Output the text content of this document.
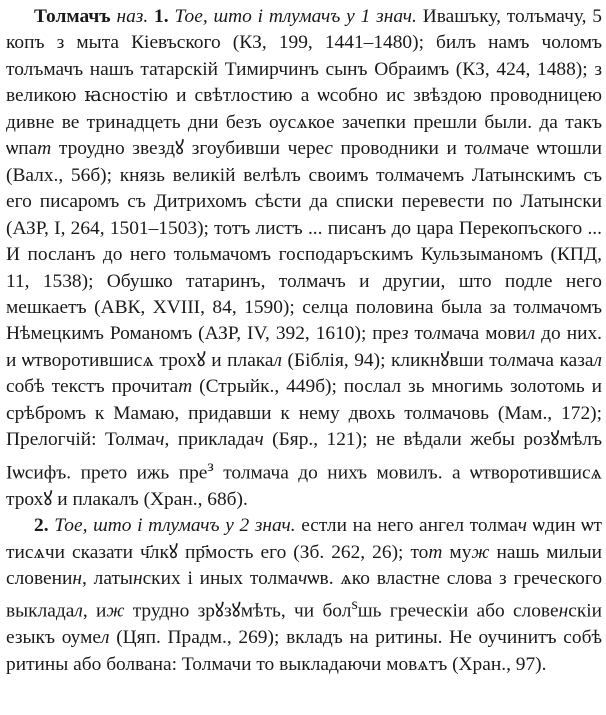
Толмачъ наз. 1. Тое, што і тлумачъ у 1 знач. Ивашъку, толъмачу, 5 копъ з мыта Кіевъского (КЗ, 199, 1441–1480); билъ намъ чоломъ толъмачъ нашъ татарскій Тимирчинъ сынъ Обраимъ (КЗ, 424, 1488); з великою ꙗсностію и свѣтлостию а ѡсобно ис звѣздою проводницею дивне ве тринадцеть дни безъ оусѧкое зачепки прешли были. да такъ ѡпат троудно звездꙋ згоубивши черес проводники и толмаче ѡтошли (Валх., 56б); князь великій велѣлъ своимъ толмачемъ Латынскимъ съ его писаромъ съ Дитрихомъ сѣсти да списки перевести по Латынски (АЗР, I, 264, 1501–1503); тотъ листъ ... писанъ до цара Перекопъского ... И посланъ до него тольмачомъ господаръскимъ Кульзыманомъ (КПД, 11, 1538); Обушко татаринъ, толмачъ и другии, што подле него мешкаетъ (АВК, XVIII, 84, 1590); селца половина была за толмачомъ Нѣмецкимъ Романомъ (АЗР, IV, 392, 1610); през толмача мовил до них. и ѡтворотившисѧ трохꙋ и плакал (Біблія, 94); кликнꙋвши толмача казал собѣ текстъ прочитат (Стрыйк., 449б); послал зь многимь золотомь и срѣбромъ к Мамаю, придавши к нему двохь толмачовь (Мам., 172); Прелогчій: Толмач, прикладач (Бяр., 121); не вѣдали жебы розꙋмѣлъ Іѡсифъ. прето ижь пре$^з$ толмача до нихъ мовилъ. а ѡтворотившисѧ трохꙋ и плакалъ (Хран., 68б).

2. Тое, што і тлумачъ у 2 знач. естли на него ангел толмач ѡдин ѡт тисѧчи сказати ч҃лкꙋ пр҃мость его (Зб. 262, 26); тот муж нашь милыи словенин, латынских і иных толмачѡв. ѧко властне слова з греческого выкладал, иж трудно зрꙋзꙋмѣть, чи бол$^ѕ$шь греческіи або словенскіи езыкъ оумел (Цяп. Прадм., 269); вкладъ на ритины. Не оучинитъ собѣ ритины або болвана: Толмачи то выкладаючи мовѧтъ (Хран., 97).
